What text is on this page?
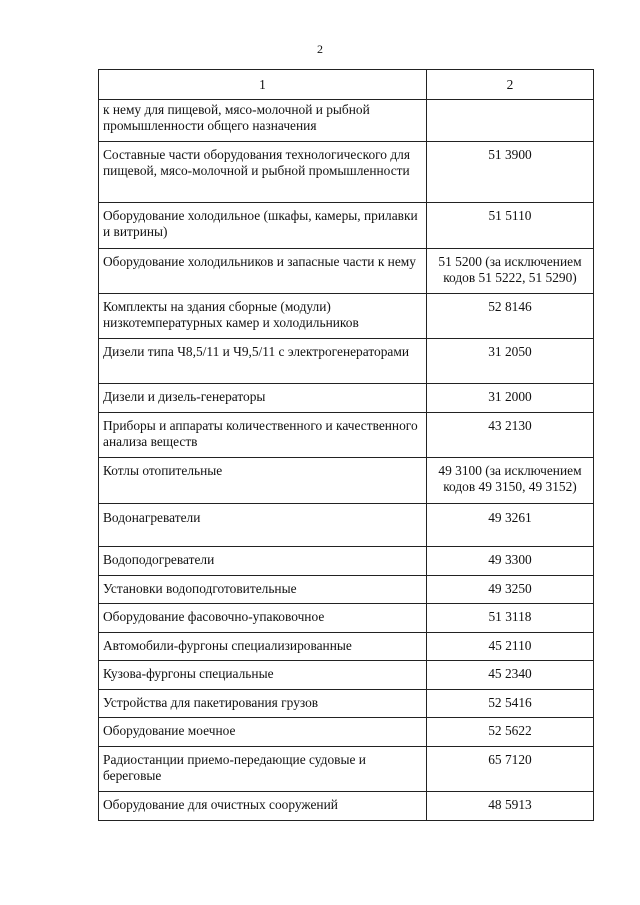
2
1	2

к нему для пищевой, мясо-молочной и рыбной промышленности общего назначения	

Составные части оборудования технологического для пищевой, мясо-молочной и рыбной промышленности	51 3900

Оборудование холодильное (шкафы, камеры, прилавки и витрины)	51 5110

Оборудование холодильников и запасные части к нему	51 5200 (за исключением кодов 51 5222, 51 5290)

Комплекты на здания сборные (модули) низкотемпературных камер и холодильников	52 8146

Дизели типа Ч8,5/11 и Ч9,5/11 с электрогенераторами	31 2050

Дизели и дизель-генераторы	31 2000

Приборы и аппараты количественного и качественного анализа веществ	43 2130

Котлы отопительные	49 3100 (за исключением кодов 49 3150, 49 3152)

Водонагреватели	49 3261

Водоподогреватели	49 3300

Установки водоподготовительные	49 3250

Оборудование фасовочно-упаковочное	51 3118

Автомобили-фургоны специализированные	45 2110

Кузова-фургоны специальные	45 2340

Устройства для пакетирования грузов	52 5416

Оборудование моечное	52 5622

Радиостанции приемо-передающие судовые и береговые	65 7120

Оборудование для очистных сооружений	48 5913
